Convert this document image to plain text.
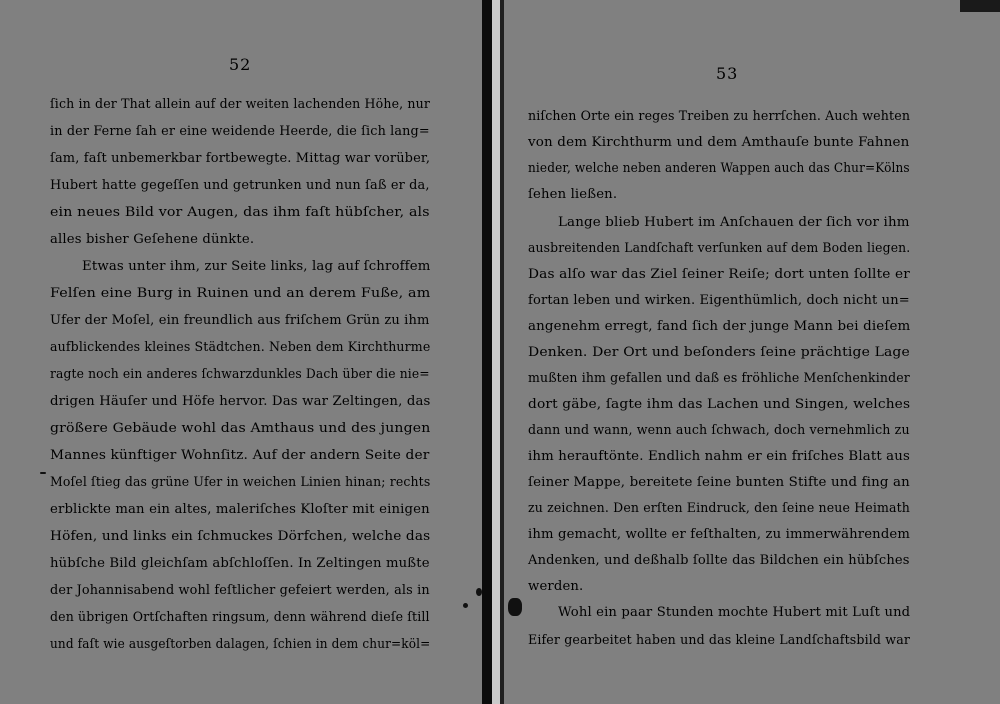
52
ſich in der That allein auf der weiten lachenden Höhe, nur
in der Ferne ſah er eine weidende Heerde, die ſich lang=
ſam, faſt unbemerkbar fortbewegte. Mittag war vorüber,
Hubert hatte gegeſſen und getrunken und nun ſaß er da,
ein neues Bild vor Augen, das ihm faſt hübſcher, als
alles bisher Geſehene dünkte.
Etwas unter ihm, zur Seite links, lag auf ſchroffem
Felſen eine Burg in Ruinen und an derem Fuße, am
Ufer der Moſel, ein freundlich aus friſchem Grün zu ihm
aufblickendes kleines Städtchen. Neben dem Kirchthurme
ragte noch ein anderes ſchwarzdunkles Dach über die nie=
drigen Häuſer und Höfe hervor. Das war Zeltingen, das
größere Gebäude wohl das Amthaus und des jungen
Mannes künftiger Wohnſitz. Auf der andern Seite der
Moſel ſtieg das grüne Ufer in weichen Linien hinan; rechts
erblickte man ein altes, maleriſches Kloſter mit einigen
Höfen, und links ein ſchmuckes Dörfchen, welche das
hübſche Bild gleichſam abſchloſſen. In Zeltingen mußte
der Johannisabend wohl feſtlicher gefeiert werden, als in
den übrigen Ortſchaften ringsum, denn während dieſe ſtill
und faſt wie ausgeſtorben dalagen, ſchien in dem chur=köl=
53
niſchen Orte ein reges Treiben zu herrſchen. Auch wehten
von dem Kirchthurm und dem Amthauſe bunte Fahnen
nieder, welche neben anderen Wappen auch das Chur=Kölns
ſehen ließen.
Lange blieb Hubert im Anſchauen der ſich vor ihm
ausbreitenden Landſchaft verſunken auf dem Boden liegen.
Das alſo war das Ziel ſeiner Reiſe; dort unten ſollte er
fortan leben und wirken. Eigenthümlich, doch nicht un=
angenehm erregt, fand ſich der junge Mann bei dieſem
Denken. Der Ort und beſonders ſeine prächtige Lage
mußten ihm gefallen und daß es fröhliche Menſchenkinder
dort gäbe, ſagte ihm das Lachen und Singen, welches
dann und wann, wenn auch ſchwach, doch vernehmlich zu
ihm herauftönte. Endlich nahm er ein friſches Blatt aus
ſeiner Mappe, bereitete ſeine bunten Stifte und fing an
zu zeichnen. Den erſten Eindruck, den ſeine neue Heimath
ihm gemacht, wollte er feſthalten, zu immerwährendem
Andenken, und deßhalb ſollte das Bildchen ein hübſches
werden.
Wohl ein paar Stunden mochte Hubert mit Luſt und
Eifer gearbeitet haben und das kleine Landſchaftsbild war
